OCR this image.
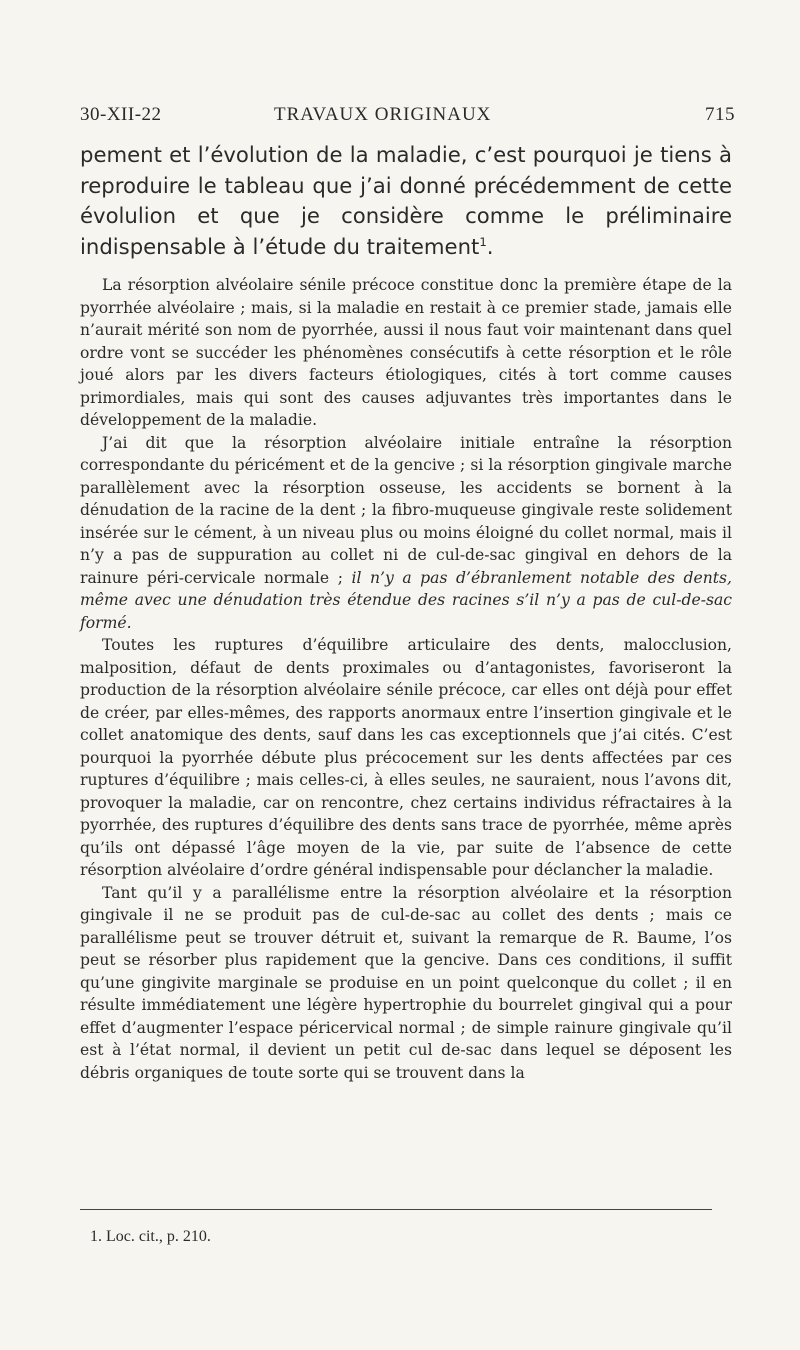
30-XII-22	TRAVAUX ORIGINAUX	715

pement et l’évolution de la maladie, c’est pourquoi je tiens à reproduire le tableau que j’ai donné précédemment de cette évolulion et que je considère comme le préliminaire indispensable à l’étude du traitement$^1$.

La résorption alvéolaire sénile précoce constitue donc la première étape de la pyorrhée alvéolaire ; mais, si la maladie en restait à ce premier stade, jamais elle n’aurait mérité son nom de pyorrhée, aussi il nous faut voir maintenant dans quel ordre vont se succéder les phénomènes consécutifs à cette résorption et le rôle joué alors par les divers facteurs étiologiques, cités à tort comme causes primordiales, mais qui sont des causes adjuvantes très importantes dans le développement de la maladie.

J’ai dit que la résorption alvéolaire initiale entraîne la résorption correspondante du péricément et de la gencive ; si la résorption gingivale marche parallèlement avec la résorption osseuse, les accidents se bornent à la dénudation de la racine de la dent ; la fibro-muqueuse gingivale reste solidement insérée sur le cément, à un niveau plus ou moins éloigné du collet normal, mais il n’y a pas de suppuration au collet ni de cul-de-sac gingival en dehors de la rainure péri-cervicale normale ; il n’y a pas d’ébranlement notable des dents, même avec une dénudation très étendue des racines s’il n’y a pas de cul-de-sac formé.

Toutes les ruptures d’équilibre articulaire des dents, malocclusion, malposition, défaut de dents proximales ou d’antagonistes, favoriseront la production de la résorption alvéolaire sénile précoce, car elles ont déjà pour effet de créer, par elles-mêmes, des rapports anormaux entre l’insertion gingivale et le collet anatomique des dents, sauf dans les cas exceptionnels que j’ai cités. C’est pourquoi la pyorrhée débute plus précocement sur les dents affectées par ces ruptures d’équilibre ; mais celles-ci, à elles seules, ne sauraient, nous l’avons dit, provoquer la maladie, car on rencontre, chez certains individus réfractaires à la pyorrhée, des ruptures d’équilibre des dents sans trace de pyorrhée, même après qu’ils ont dépassé l’âge moyen de la vie, par suite de l’absence de cette résorption alvéolaire d’ordre général indispensable pour déclancher la maladie.

Tant qu’il y a parallélisme entre la résorption alvéolaire et la résorption gingivale il ne se produit pas de cul-de-sac au collet des dents ; mais ce parallélisme peut se trouver détruit et, suivant la remarque de R. Baume, l’os peut se résorber plus rapidement que la gencive. Dans ces conditions, il suffit qu’une gingivite marginale se produise en un point quelconque du collet ; il en résulte immédiatement une légère hypertrophie du bourrelet gingival qui a pour effet d’augmenter l’espace péricervical normal ; de simple rainure gingivale qu’il est à l’état normal, il devient un petit cul de-sac dans lequel se déposent les débris organiques de toute sorte qui se trouvent dans la

1. Loc. cit., p. 210.
